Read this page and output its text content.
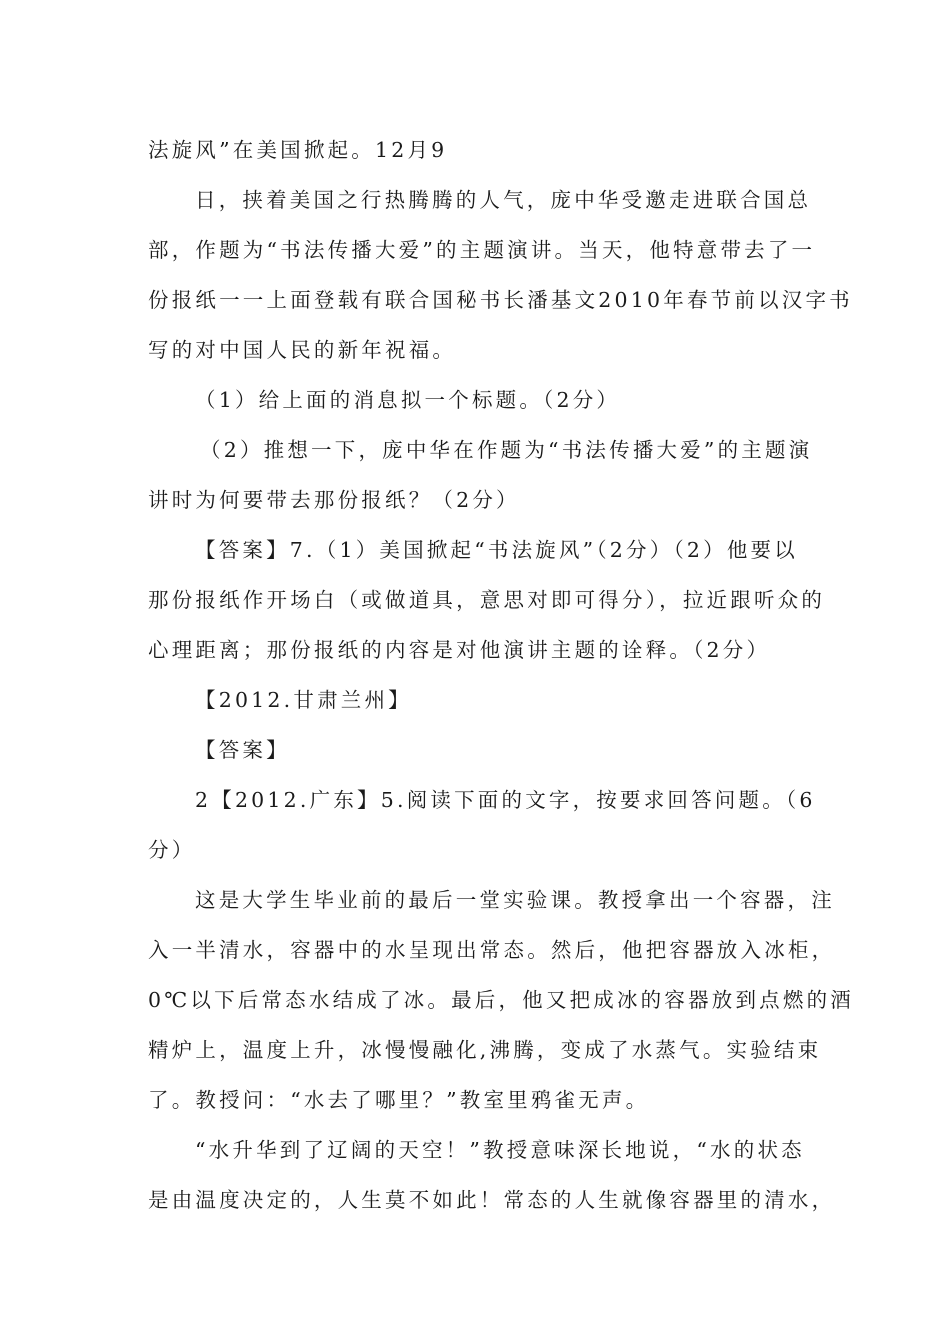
法旋风”在美国掀起。12月9
日，挟着美国之行热腾腾的人气，庞中华受邀走进联合国总
部，作题为“书法传播大爱”的主题演讲。当天，他特意带去了一
份报纸一一上面登载有联合国秘书长潘基文2010年春节前以汉字书
写的对中国人民的新年祝福。
（1）给上面的消息拟一个标题。（2分）
（2）推想一下，庞中华在作题为“书法传播大爱”的主题演
讲时为何要带去那份报纸？（2分）
【答案】7.（1）美国掀起“书法旋风”（2分）（2）他要以
那份报纸作开场白（或做道具，意思对即可得分），拉近跟听众的
心理距离；那份报纸的内容是对他演讲主题的诠释。（2分）
【2012.甘肃兰州】
【答案】
2【2012.广东】5.阅读下面的文字，按要求回答问题。（6
分）
这是大学生毕业前的最后一堂实验课。教授拿出一个容器，注
入一半清水，容器中的水呈现出常态。然后，他把容器放入冰柜，
0℃以下后常态水结成了冰。最后，他又把成冰的容器放到点燃的酒
精炉上，温度上升，冰慢慢融化,沸腾，变成了水蒸气。实验结束
了。教授问：“水去了哪里？”教室里鸦雀无声。
“水升华到了辽阔的天空！”教授意味深长地说，“水的状态
是由温度决定的，人生莫不如此！常态的人生就像容器里的清水，
